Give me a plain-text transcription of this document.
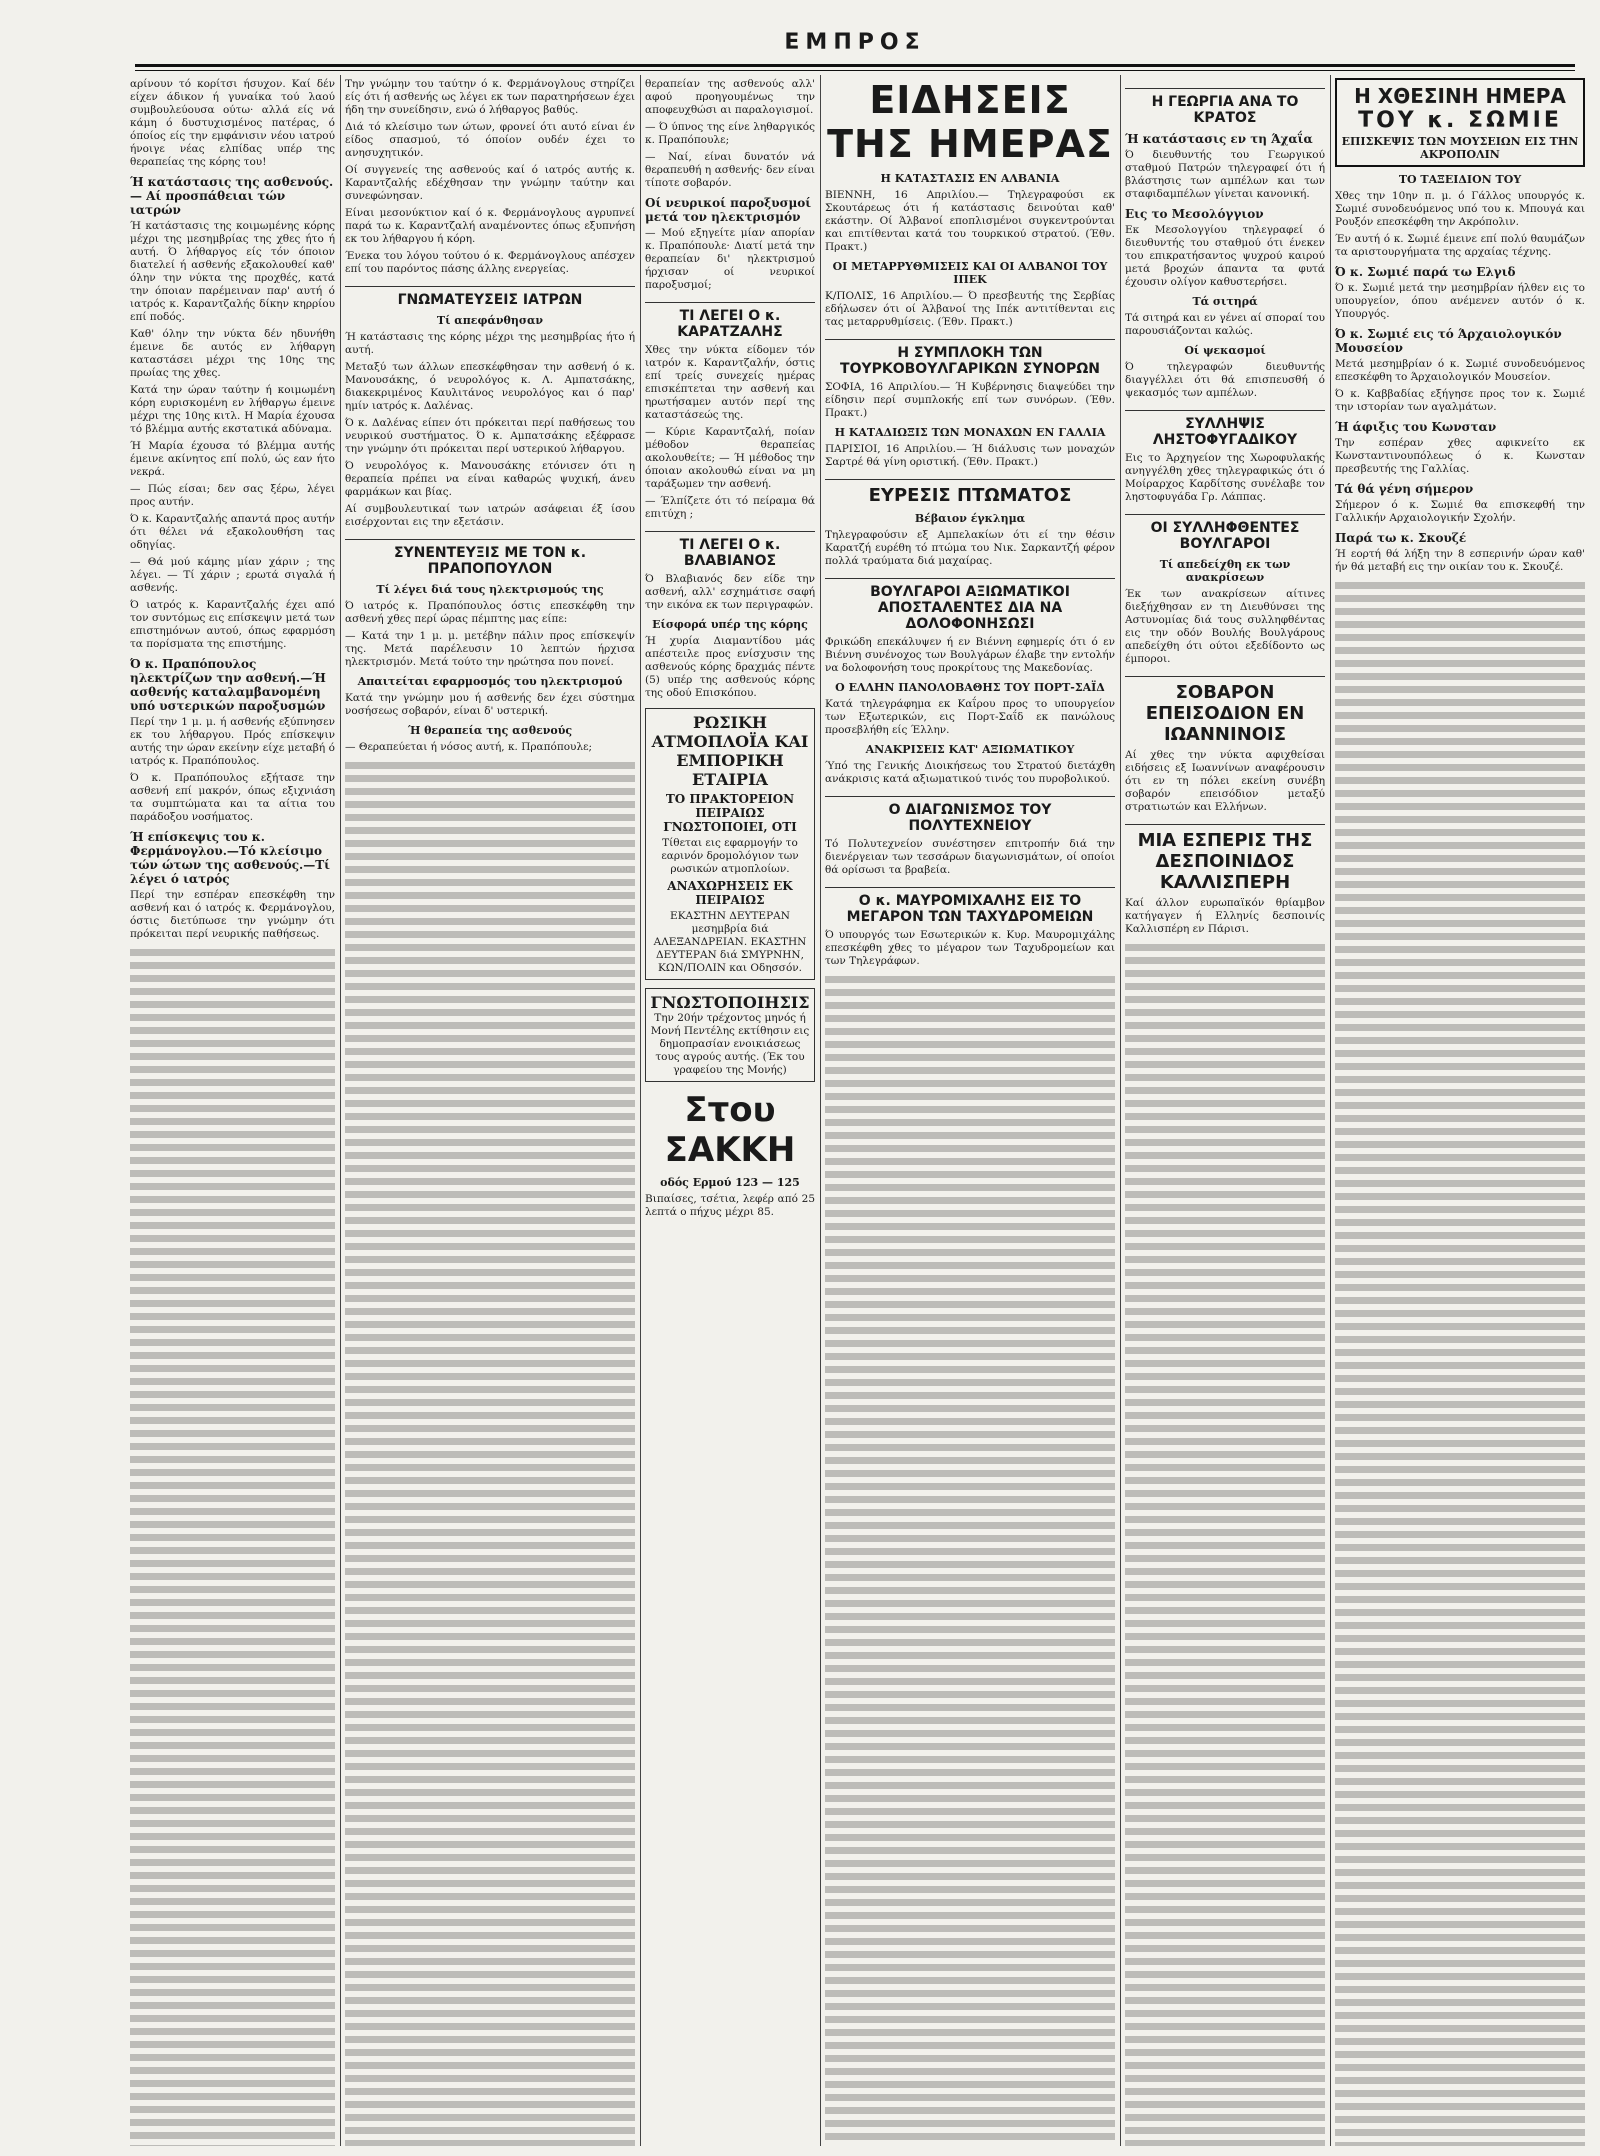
ΕΜΠΡΟΣ

αρίνουν τό κορίτσι ήσυχον. Καί δέν είχεν άδικον ή γυναίκα τού λαού συμβουλεύουσα ούτω· αλλά είς νά κάμη ό δυστυχισμένος πατέρας, ό όποίος είς την εμφάνισιν νέου ιατρού ήνοιγε νέας ελπίδας υπέρ της θεραπείας της κόρης του!

Ή κατάστασις της ασθενούς.— Αί προσπάθειαι τών ιατρών

Ή κατάστασις της κοιμωμένης κόρης μέχρι της μεσημβρίας της χθες ήτο ή αυτή. Ό λήθαργος είς τόν όποιον διατελεί ή ασθενής εξακολουθεί καθ' όλην την νύκτα της προχθές, κατά την όποιαν παρέμειναν παρ' αυτή ό ιατρός κ. Καραντζαλής δίκην κηρρίου επί ποδός.

Καθ' όλην την νύκτα δέν ηδυνήθη έμεινε δε αυτός εν λήθαργη καταστάσει μέχρι της 10ης της πρωίας της χθες.

Κατά την ώραν ταύτην ή κοιμωμένη κόρη ευρισκομένη εν λήθαργω έμεινε μέχρι της 10ης κιτλ. Η Μαρία έχουσα τό βλέμμα αυτής εκστατικά αδύναμα.

Ή Μαρία έχουσα τό βλέμμα αυτής έμεινε ακίνητος επί πολύ, ώς εαν ήτο νεκρά.

— Πώς είσαι; δεν σας ξέρω, λέγει προς αυτήν.

Ό κ. Καραντζαλής απαντά προς αυτήν ότι θέλει νά εξακολουθήση τας οδηγίας.

— Θά μού κάμης μίαν χάριν ; της λέγει. — Τί χάριν ; ερωτά σιγαλά ή ασθενής.

Ό ιατρός κ. Καραντζαλής έχει από τον συντόμως εις επίσκεψιν μετά των επιστημόνων αυτού, όπως εφαρμόση τα πορίσματα της επιστήμης.

Ό κ. Πραπόπουλος ηλεκτρίζων την ασθενή.—Ή ασθενής καταλαμβανομένη υπό υστερικών παροξυσμών

Περί την 1 μ. μ. ή ασθενής εξύπνησεν εκ του λήθαργου. Πρός επίσκεψιν αυτής την ώραν εκείνην είχε μεταβή ό ιατρός κ. Πραπόπουλος.

Ό κ. Πραπόπουλος εξήτασε την ασθενή επί μακρόν, όπως εξιχνιάση τα συμπτώματα και τα αίτια του παράδοξου νοσήματος.

Ή επίσκεψις του κ. Φερμάνογλου.—Τό κλείσιμο τών ώτων της ασθενούς.—Τί λέγει ό ιατρός

Περί την εσπέραν επεσκέφθη την ασθενή και ό ιατρός κ. Φερμάνογλου, όστις διετύπωσε την γνώμην ότι πρόκειται περί νευρικής παθήσεως.

Την γνώμην του ταύτην ό κ. Φερμάνογλους στηρίζει είς ότι ή ασθενής ως λέγει εκ των παρατηρήσεων έχει ήδη την συνείδησιν, ενώ ό λήθαργος βαθύς.

Διά τό κλείσιμο των ώτων, φρονεί ότι αυτό είναι έν είδος σπασμού, τό όποίον ουδέν έχει το ανησυχητικόν.

Οί συγγενείς της ασθενούς καί ό ιατρός αυτής κ. Καραντζαλής εδέχθησαν την γνώμην ταύτην και συνεφώνησαν.

Είναι μεσονύκτιον καί ό κ. Φερμάνογλους αγρυπνεί παρά τω κ. Καραντζαλή αναμένοντες όπως εξυπνήση εκ του λήθαργου ή κόρη.

Ένεκα του λόγου τούτου ό κ. Φερμάνογλους απέσχεν επί του παρόντος πάσης άλλης ενεργείας.

ΓΝΩΜΑΤΕΥΣΕΙΣ ΙΑΤΡΩΝ
Τί απεφάνθησαν

Ή κατάστασις της κόρης μέχρι της μεσημβρίας ήτο ή αυτή.

Μεταξύ των άλλων επεσκέφθησαν την ασθενή ό κ. Μανουσάκης, ό νευρολόγος κ. Λ. Αμπατσάκης, διακεκριμένος Καυλιτάνος νευρολόγος και ό παρ' ημίν ιατρός κ. Δαλένας.

Ό κ. Δαλένας είπεν ότι πρόκειται περί παθήσεως του νευρικού συστήματος. Ό κ. Αμπατσάκης εξέφρασε την γνώμην ότι πρόκειται περί υστερικού λήθαργου.

Ό νευρολόγος κ. Μανουσάκης ετόνισεν ότι η θεραπεία πρέπει να είναι καθαρώς ψυχική, άνευ φαρμάκων και βίας.

Αί συμβουλευτικαί των ιατρών ασάφειαι έξ ίσου εισέρχονται εις την εξετάσιν.

ΣΥΝΕΝΤΕΥΞΙΣ ΜΕ ΤΟΝ κ. ΠΡΑΠΟΠΟΥΛΟΝ
Τί λέγει διά τους ηλεκτρισμούς της

Ό ιατρός κ. Πραπόπουλος όστις επεσκέφθη την ασθενή χθες περί ώρας πέμπτης μας είπε:

— Κατά την 1 μ. μ. μετέβην πάλιν προς επίσκεψίν της. Μετά παρέλευσιν 10 λεπτών ήρχισα ηλεκτρισμόν. Μετά τούτο την ηρώτησα που πονεί.

Απαιτείται εφαρμοσμός του ηλεκτρισμού

Κατά την γνώμην μου ή ασθενής δεν έχει σύστημα νοσήσεως σοβαρόν, είναι δ' υστερική.

Ή θεραπεία της ασθενούς

— Θεραπεύεται ή νόσος αυτή, κ. Πραπόπουλε;

θεραπείαν της ασθενούς αλλ' αφού προηγουμένως την αποφευχθώσι αι παραλογισμοί.

— Ό ύπνος της είνε ληθαργικός κ. Πραπόπουλε;

— Ναί, είναι δυνατόν νά θεραπευθή η ασθενής· δεν είναι τίποτε σοβαρόν.

Οί νευρικοί παροξυσμοί μετά τον ηλεκτρισμόν

— Μού εξηγείτε μίαν απορίαν κ. Πραπόπουλε· Διατί μετά την θεραπείαν δι' ηλεκτρισμού ήρχισαν οί νευρικοί παροξυσμοί;

ΤΙ ΛΕΓΕΙ Ο κ. ΚΑΡΑΤΖΑΛΗΣ

Χθες την νύκτα είδομεν τόν ιατρόν κ. Καραντζαλήν, όστις επί τρείς συνεχείς ημέρας επισκέπτεται την ασθενή και ηρωτήσαμεν αυτόν περί της καταστάσεώς της.

— Κύριε Καραντζαλή, ποίαν μέθοδον θεραπείας ακολουθείτε; — Ή μέθοδος την όποιαν ακολουθώ είναι να μη ταράξωμεν την ασθενή.

— Έλπίζετε ότι τό πείραμα θά επιτύχη ;

ΤΙ ΛΕΓΕΙ Ο κ. ΒΛΑΒΙΑΝΟΣ

Ό Βλαβιανός δεν είδε την ασθενή, αλλ' εσχημάτισε σαφή την εικόνα εκ των περιγραφών.

Είσφορά υπέρ της κόρης

Ή χυρία Διαμαντίδου μάς απέστειλε προς ενίσχυσιν της ασθενούς κόρης δραχμάς πέντε (5) υπέρ της ασθενούς κόρης της οδού Επισκόπου.

ΡΩΣΙΚΗ ΑΤΜΟΠΛΟΪΑ ΚΑΙ ΕΜΠΟΡΙΚΗ ΕΤΑΙΡΙΑ
ΤΟ ΠΡΑΚΤΟΡΕΙΟΝ ΠΕΙΡΑΙΩΣ ΓΝΩΣΤΟΠΟΙΕΙ, ΟΤΙ
Τίθεται εις εφαρμογήν το εαρινόν δρομολόγιον των ρωσικών ατμοπλοίων.
ΑΝΑΧΩΡΗΣΕΙΣ ΕΚ ΠΕΙΡΑΙΩΣ
ΕΚΑΣΤΗΝ ΔΕΥΤΕΡΑΝ μεσημβρία διά ΑΛΕΞΑΝΔΡΕΙΑΝ. ΕΚΑΣΤΗΝ ΔΕΥΤΕΡΑΝ διά ΣΜΥΡΝΗΝ, ΚΩΝ/ΠΟΛΙΝ και Οδησσόν.
ΓΝΩΣΤΟΠΟΙΗΣΙΣ
Την 20ήν τρέχοντος μηνός ή Μονή Πεντέλης εκτίθησιν εις δημοπρασίαν ενοικιάσεως τους αγρούς αυτής. (Έκ του γραφείου της Μονής)
Στου ΣΑΚΚΗ
οδός Ερμού 123 — 125

Βιπαίσες, τσέτια, λεφέρ από 25 λεπτά ο πήχυς μέχρι 85.

ΕΙΔΗΣΕΙΣ ΤΗΣ ΗΜΕΡΑΣ
Η ΚΑΤΑΣΤΑΣΙΣ ΕΝ ΑΛΒΑΝΙΑ

ΒΙΕΝΝΗ, 16 Απριλίου.— Τηλεγραφούσι εκ Σκουτάρεως ότι ή κατάστασις δεινούται καθ' εκάστην. Οί Άλβανοί εποπλισμένοι συγκεντρούνται και επιτίθενται κατά του τουρκικού στρατού. (Έθν. Πρακτ.)

ΟΙ ΜΕΤΑΡΡΥΘΜΙΣΕΙΣ ΚΑΙ ΟΙ ΑΛΒΑΝΟΙ ΤΟΥ ΙΠΕΚ

Κ/ΠΟΛΙΣ, 16 Απριλίου.— Ό πρεσβευτής της Σερβίας εδήλωσεν ότι οί Άλβανοί της Ιπέκ αντιτίθενται εις τας μεταρρυθμίσεις. (Έθν. Πρακτ.)

Η ΣΥΜΠΛΟΚΗ ΤΩΝ ΤΟΥΡΚΟΒΟΥΛΓΑΡΙΚΩΝ ΣΥΝΟΡΩΝ

ΣΟΦΙΑ, 16 Απριλίου.— Ή Κυβέρνησις διαψεύδει την είδησιν περί συμπλοκής επί των συνόρων. (Έθν. Πρακτ.)

Η ΚΑΤΑΔΙΩΞΙΣ ΤΩΝ ΜΟΝΑΧΩΝ ΕΝ ΓΑΛΛΙΑ

ΠΑΡΙΣΙΟΙ, 16 Απριλίου.— Ή διάλυσις των μοναχών Σαρτρέ θά γίνη οριστική. (Έθν. Πρακτ.)

ΕΥΡΕΣΙΣ ΠΤΩΜΑΤΟΣ
Βέβαιον έγκλημα

Τηλεγραφούσιν εξ Αμπελακίων ότι εί την θέσιν Καρατζή ευρέθη τό πτώμα του Νικ. Σαρκαντζή φέρον πολλά τραύματα διά μαχαίρας.

ΒΟΥΛΓΑΡΟΙ ΑΞΙΩΜΑΤΙΚΟΙ ΑΠΟΣΤΑΛΕΝΤΕΣ ΔΙΑ ΝΑ ΔΟΛΟΦΟΝΗΣΩΣΙ

Φρικώδη επεκάλυψεν ή εν Βιέννη εφημερίς ότι ό εν Βιέννη συνένοχος των Βουλγάρων έλαβε την εντολήν να δολοφονήση τους προκρίτους της Μακεδονίας.

Ο ΕΛΛΗΝ ΠΑΝΟΛΟΒΑΘΗΣ ΤΟΥ ΠΟΡΤ-ΣΑΪΔ

Κατά τηλεγράφημα εκ Καΐρου προς το υπουργείον των Εξωτερικών, εις Πορτ-Σαΐδ εκ πανώλους προσεβλήθη είς Έλλην.

ΑΝΑΚΡΙΣΕΙΣ ΚΑΤ' ΑΞΙΩΜΑΤΙΚΟΥ

Ύπό της Γενικής Διοικήσεως του Στρατού διετάχθη ανάκρισις κατά αξιωματικού τινός του πυροβολικού.

Ο ΔΙΑΓΩΝΙΣΜΟΣ ΤΟΥ ΠΟΛΥΤΕΧΝΕΙΟΥ

Τό Πολυτεχνείον συνέστησεν επιτροπήν διά την διενέργειαν των τεσσάρων διαγωνισμάτων, οί οποίοι θά ορίσωσι τα βραβεία.

Ο κ. ΜΑΥΡΟΜΙΧΑΛΗΣ ΕΙΣ ΤΟ ΜΕΓΑΡΟΝ ΤΩΝ ΤΑΧΥΔΡΟΜΕΙΩΝ

Ό υπουργός των Εσωτερικών κ. Κυρ. Μαυρομιχάλης επεσκέφθη χθες το μέγαρον των Ταχυδρομείων και των Τηλεγράφων.

Η ΓΕΩΡΓΙΑ ΑΝΑ ΤΟ ΚΡΑΤΟΣ
Ή κατάστασις εν τη Άχαΐα

Ό διευθυντής του Γεωργικού σταθμού Πατρών τηλεγραφεί ότι ή βλάστησις των αμπέλων και των σταφιδαμπέλων γίνεται κανονική.

Εις το Μεσολόγγιον

Εκ Μεσολογγίου τηλεγραφεί ό διευθυντής του σταθμού ότι ένεκεν του επικρατήσαντος ψυχρού καιρού μετά βροχών άπαντα τα φυτά έχουσιν ολίγον καθυστερήσει.

Τά σιτηρά

Τά σιτηρά και εν γένει αί σποραί του παρουσιάζονται καλώς.

Οί ψεκασμοί

Ό τηλεγραφών διευθυντής διαγγέλλει ότι θά επισπευσθή ό ψεκασμός των αμπέλων.

ΣΥΛΛΗΨΙΣ ΛΗΣΤΟΦΥΓΑΔΙΚΟΥ

Εις το Άρχηγείον της Χωροφυλακής ανηγγέλθη χθες τηλεγραφικώς ότι ό Μοίραρχος Καρδίτσης συνέλαβε τον ληστοφυγάδα Γρ. Λάππας.

ΟΙ ΣΥΛΛΗΦΘΕΝΤΕΣ ΒΟΥΛΓΑΡΟΙ
Τί απεδείχθη εκ των ανακρίσεων

Έκ των ανακρίσεων αίτινες διεξήχθησαν εν τη Διευθύνσει της Αστυνομίας διά τους συλληφθέντας εις την οδόν Βουλής Βουλγάρους απεδείχθη ότι ούτοι εξεδίδοντο ως έμποροι.

ΣΟΒΑΡΟΝ ΕΠΕΙΣΟΔΙΟΝ ΕΝ ΙΩΑΝΝΙΝΟΙΣ

Αί χθες την νύκτα αφιχθείσαι ειδήσεις εξ Ιωαννίνων αναφέρουσιν ότι εν τη πόλει εκείνη συνέβη σοβαρόν επεισόδιον μεταξύ στρατιωτών και Ελλήνων.

ΜΙΑ ΕΣΠΕΡΙΣ ΤΗΣ ΔΕΣΠΟΙΝΙΔΟΣ ΚΑΛΛΙΣΠΕΡΗ

Καί άλλον ευρωπαϊκόν θρίαμβον κατήγαγεν ή Ελληνίς δεσποινίς Καλλισπέρη εν Πάρισι.

Η ΧΘΕΣΙΝΗ ΗΜΕΡΑ
ΤΟΥ κ. ΣΩΜΙΕ
ΕΠΙΣΚΕΨΙΣ ΤΩΝ ΜΟΥΣΕΙΩΝ ΕΙΣ ΤΗΝ ΑΚΡΟΠΟΛΙΝ
ΤΟ ΤΑΞΕΙΔΙΟΝ ΤΟΥ

Χθες την 10ην π. μ. ό Γάλλος υπουργός κ. Σωμιέ συνοδευόμενος υπό του κ. Μπουγά και Ρουξόν επεσκέφθη την Ακρόπολιν.

Έν αυτή ό κ. Σωμιέ έμεινε επί πολύ θαυμάζων τα αριστουργήματα της αρχαίας τέχνης.

Ό κ. Σωμιέ παρά τω Ελγιδ

Ό κ. Σωμιέ μετά την μεσημβρίαν ήλθεν εις το υπουργείον, όπου ανέμενεν αυτόν ό κ. Υπουργός.

Ό κ. Σωμιέ εις τό Άρχαιολογικόν Μουσείον

Μετά μεσημβρίαν ό κ. Σωμιέ συνοδευόμενος επεσκέφθη το Άρχαιολογικόν Μουσείον.

Ό κ. Καββαδίας εξήγησε προς τον κ. Σωμιέ την ιστορίαν των αγαλμάτων.

Ή άφιξις του Κωνσταν

Την εσπέραν χθες αφικνείτο εκ Κωνσταντινουπόλεως ό κ. Κωνσταν πρεσβευτής της Γαλλίας.

Τά θά γένη σήμερον

Σήμερον ό κ. Σωμιέ θα επισκεφθή την Γαλλικήν Αρχαιολογικήν Σχολήν.

Παρά τω κ. Σκουζέ

Ή εορτή θά λήξη την 8 εσπερινήν ώραν καθ' ήν θά μεταβή εις την οικίαν του κ. Σκουζέ.
